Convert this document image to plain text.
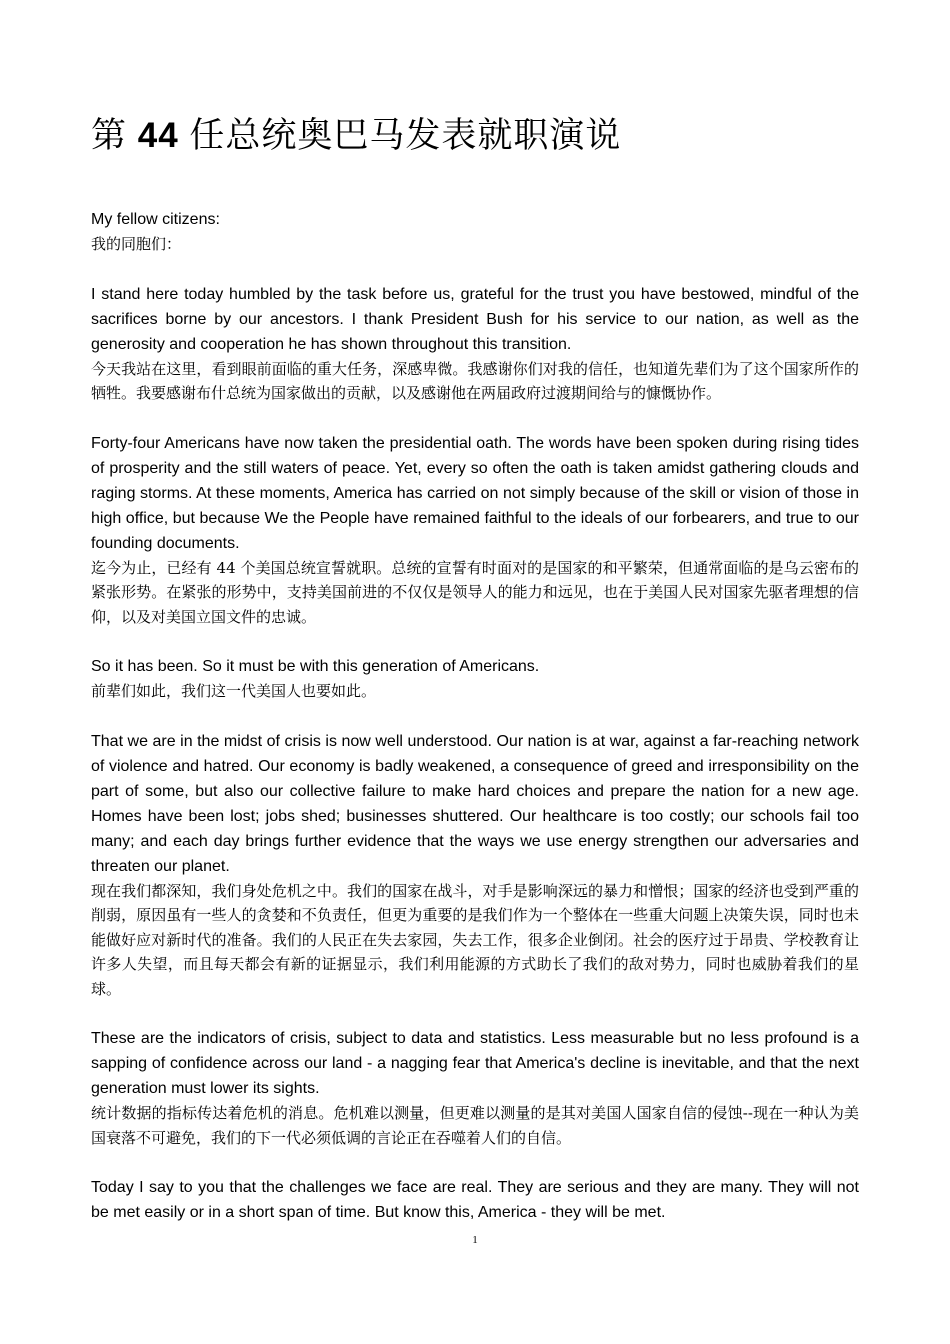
第 44 任总统奥巴马发表就职演说

My fellow citizens:

我的同胞们：

I stand here today humbled by the task before us, grateful for the trust you have bestowed, mindful of the sacrifices borne by our ancestors. I thank President Bush for his service to our nation, as well as the generosity and cooperation he has shown throughout this transition.

今天我站在这里，看到眼前面临的重大任务，深感卑微。我感谢你们对我的信任，也知道先辈们为了这个国家所作的牺牲。我要感谢布什总统为国家做出的贡献，以及感谢他在两届政府过渡期间给与的慷慨协作。

Forty-four Americans have now taken the presidential oath. The words have been spoken during rising tides of prosperity and the still waters of peace. Yet, every so often the oath is taken amidst gathering clouds and raging storms. At these moments, America has carried on not simply because of the skill or vision of those in high office, but because We the People have remained faithful to the ideals of our forbearers, and true to our founding documents.

迄今为止，已经有 44 个美国总统宣誓就职。总统的宣誓有时面对的是国家的和平繁荣，但通常面临的是乌云密布的紧张形势。在紧张的形势中，支持美国前进的不仅仅是领导人的能力和远见，也在于美国人民对国家先驱者理想的信仰，以及对美国立国文件的忠诚。

So it has been. So it must be with this generation of Americans.

前辈们如此，我们这一代美国人也要如此。

That we are in the midst of crisis is now well understood. Our nation is at war, against a far-reaching network of violence and hatred. Our economy is badly weakened, a consequence of greed and irresponsibility on the part of some, but also our collective failure to make hard choices and prepare the nation for a new age. Homes have been lost; jobs shed; businesses shuttered. Our healthcare is too costly; our schools fail too many; and each day brings further evidence that the ways we use energy strengthen our adversaries and threaten our planet.

现在我们都深知，我们身处危机之中。我们的国家在战斗，对手是影响深远的暴力和憎恨；国家的经济也受到严重的削弱，原因虽有一些人的贪婪和不负责任，但更为重要的是我们作为一个整体在一些重大问题上决策失误，同时也未能做好应对新时代的准备。我们的人民正在失去家园，失去工作，很多企业倒闭。社会的医疗过于昂贵、学校教育让许多人失望，而且每天都会有新的证据显示，我们利用能源的方式助长了我们的敌对势力，同时也威胁着我们的星球。

These are the indicators of crisis, subject to data and statistics. Less measurable but no less profound is a sapping of confidence across our land - a nagging fear that America's decline is inevitable, and that the next generation must lower its sights.

统计数据的指标传达着危机的消息。危机难以测量，但更难以测量的是其对美国人国家自信的侵蚀--现在一种认为美国衰落不可避免，我们的下一代必须低调的言论正在吞噬着人们的自信。

Today I say to you that the challenges we face are real. They are serious and they are many. They will not be met easily or in a short span of time. But know this, America - they will be met.

1
